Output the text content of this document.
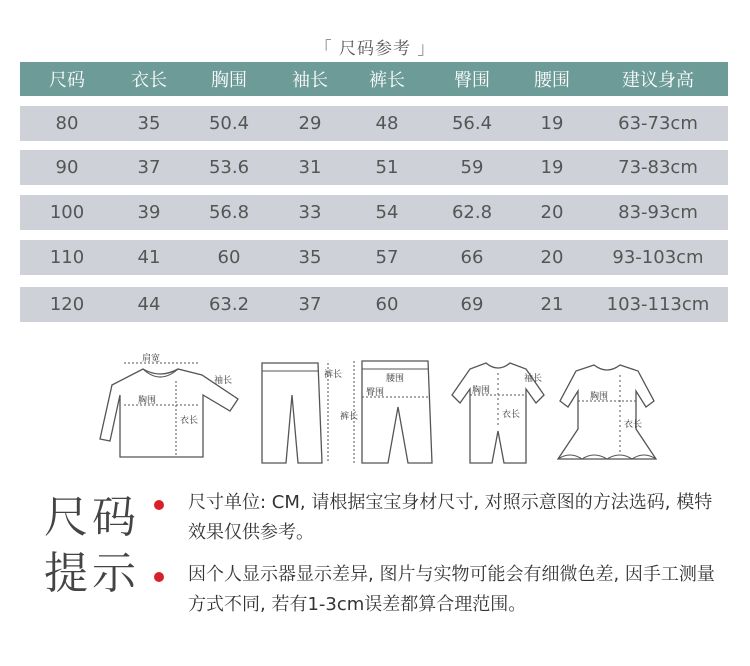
「 尺码参考 」
尺码	衣长	胸围	袖长	裤长	臀围	腰围	建议身高
80	35	50.4	29	48	56.4	19	63-73cm
90	37	53.6	31	51	59	19	73-83cm
100	39	56.8	33	54	62.8	20	83-93cm
110	41	60	35	57	66	20	93-103cm
120	44	63.2	37	60	69	21	103-113cm
肩宽
胸围
衣长
袖长
裤长	腰围
臀围
裤长
胸围
衣长
袖长
胸围
衣长
尺码
提示
尺寸单位: CM, 请根据宝宝身材尺寸, 对照示意图的方法选码, 模特效果仅供参考。
因个人显示器显示差异, 图片与实物可能会有细微色差, 因手工测量方式不同, 若有1-3cm误差都算合理范围。
